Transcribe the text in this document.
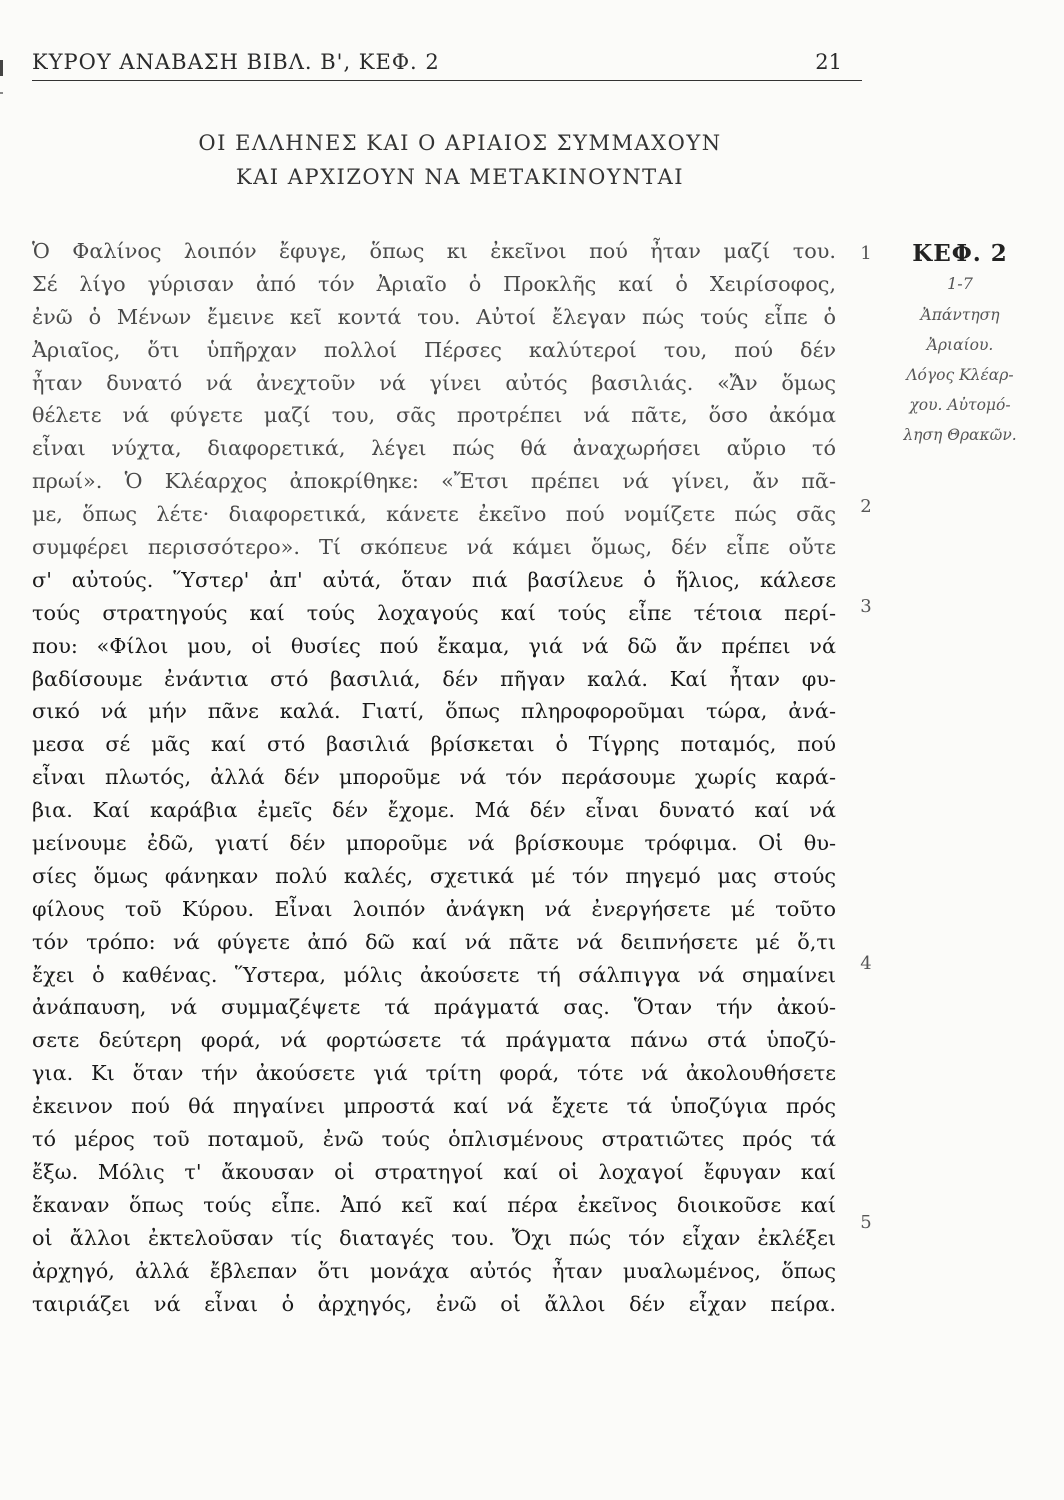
ΚΥΡΟΥ ΑΝΑΒΑΣΗ ΒΙΒΛ. Β', ΚΕΦ. 2	21
ΟΙ ΕΛΛΗΝΕΣ ΚΑΙ Ο ΑΡΙΑΙΟΣ ΣΥΜΜΑΧΟΥΝ
ΚΑΙ ΑΡΧΙΖΟΥΝ ΝΑ ΜΕΤΑΚΙΝΟΥΝΤΑΙ
Ὁ Φαλίνος λοιπόν ἔφυγε, ὅπως κι ἐκεῖνοι πού ἦταν μαζί του.
Σέ λίγο γύρισαν ἀπό τόν Ἀριαῖο ὁ Προκλῆς καί ὁ Χειρίσοφος,
ἐνῶ ὁ Μένων ἔμεινε κεῖ κοντά του. Αὐτοί ἔλεγαν πώς τούς εἶπε ὁ
Ἀριαῖος, ὅτι ὑπῆρχαν πολλοί Πέρσες καλύτεροί του, πού δέν
ἦταν δυνατό νά ἀνεχτοῦν νά γίνει αὐτός βασιλιάς. «Ἄν ὅμως
θέλετε νά φύγετε μαζί του, σᾶς προτρέπει νά πᾶτε, ὅσο ἀκόμα
εἶναι νύχτα, διαφορετικά, λέγει πώς θά ἀναχωρήσει αὔριο τό
πρωί». Ὁ Κλέαρχος ἀποκρίθηκε: «Ἔτσι πρέπει νά γίνει, ἄν πᾶ-
με, ὅπως λέτε· διαφορετικά, κάνετε ἐκεῖνο πού νομίζετε πώς σᾶς
συμφέρει περισσότερο». Τί σκόπευε νά κάμει ὅμως, δέν εἶπε οὔτε
σ' αὐτούς. Ὕστερ' ἀπ' αὐτά, ὅταν πιά βασίλευε ὁ ἥλιος, κάλεσε
τούς στρατηγούς καί τούς λοχαγούς καί τούς εἶπε τέτοια περί-
που: «Φίλοι μου, οἱ θυσίες πού ἔκαμα, γιά νά δῶ ἄν πρέπει νά
βαδίσουμε ἐνάντια στό βασιλιά, δέν πῆγαν καλά. Καί ἦταν φυ-
σικό νά μήν πᾶνε καλά. Γιατί, ὅπως πληροφοροῦμαι τώρα, ἀνά-
μεσα σέ μᾶς καί στό βασιλιά βρίσκεται ὁ Τίγρης ποταμός, πού
εἶναι πλωτός, ἀλλά δέν μποροῦμε νά τόν περάσουμε χωρίς καρά-
βια. Καί καράβια ἐμεῖς δέν ἔχομε. Μά δέν εἶναι δυνατό καί νά
μείνουμε ἐδῶ, γιατί δέν μποροῦμε νά βρίσκουμε τρόφιμα. Οἱ θυ-
σίες ὅμως φάνηκαν πολύ καλές, σχετικά μέ τόν πηγεμό μας στούς
φίλους τοῦ Κύρου. Εἶναι λοιπόν ἀνάγκη νά ἐνεργήσετε μέ τοῦτο
τόν τρόπο: νά φύγετε ἀπό δῶ καί νά πᾶτε νά δειπνήσετε μέ ὅ,τι
ἔχει ὁ καθένας. Ὕστερα, μόλις ἀκούσετε τή σάλπιγγα νά σημαίνει
ἀνάπαυση, νά συμμαζέψετε τά πράγματά σας. Ὅταν τήν ἀκού-
σετε δεύτερη φορά, νά φορτώσετε τά πράγματα πάνω στά ὑποζύ-
για. Κι ὅταν τήν ἀκούσετε γιά τρίτη φορά, τότε νά ἀκολουθήσετε
ἐκεινον πού θά πηγαίνει μπροστά καί νά ἔχετε τά ὑποζύγια πρός
τό μέρος τοῦ ποταμοῦ, ἐνῶ τούς ὁπλισμένους στρατιῶτες πρός τά
ἔξω. Μόλις τ' ἄκουσαν οἱ στρατηγοί καί οἱ λοχαγοί ἔφυγαν καί
ἔκαναν ὅπως τούς εἶπε. Ἀπό κεῖ καί πέρα ἐκεῖνος διοικοῦσε καί
οἱ ἄλλοι ἐκτελοῦσαν τίς διαταγές του. Ὄχι πώς τόν εἶχαν ἐκλέξει
ἀρχηγό, ἀλλά ἔβλεπαν ὅτι μονάχα αὐτός ἦταν μυαλωμένος, ὅπως
ταιριάζει νά εἶναι ὁ ἀρχηγός, ἐνῶ οἱ ἄλλοι δέν εἶχαν πείρα.
1
2
3
4
5
ΚΕΦ. 2
1-7
Ἀπάντηση
Ἀριαίου.
Λόγος Κλέαρ-
χου. Αὐτομό-
ληση Θρακῶν.
